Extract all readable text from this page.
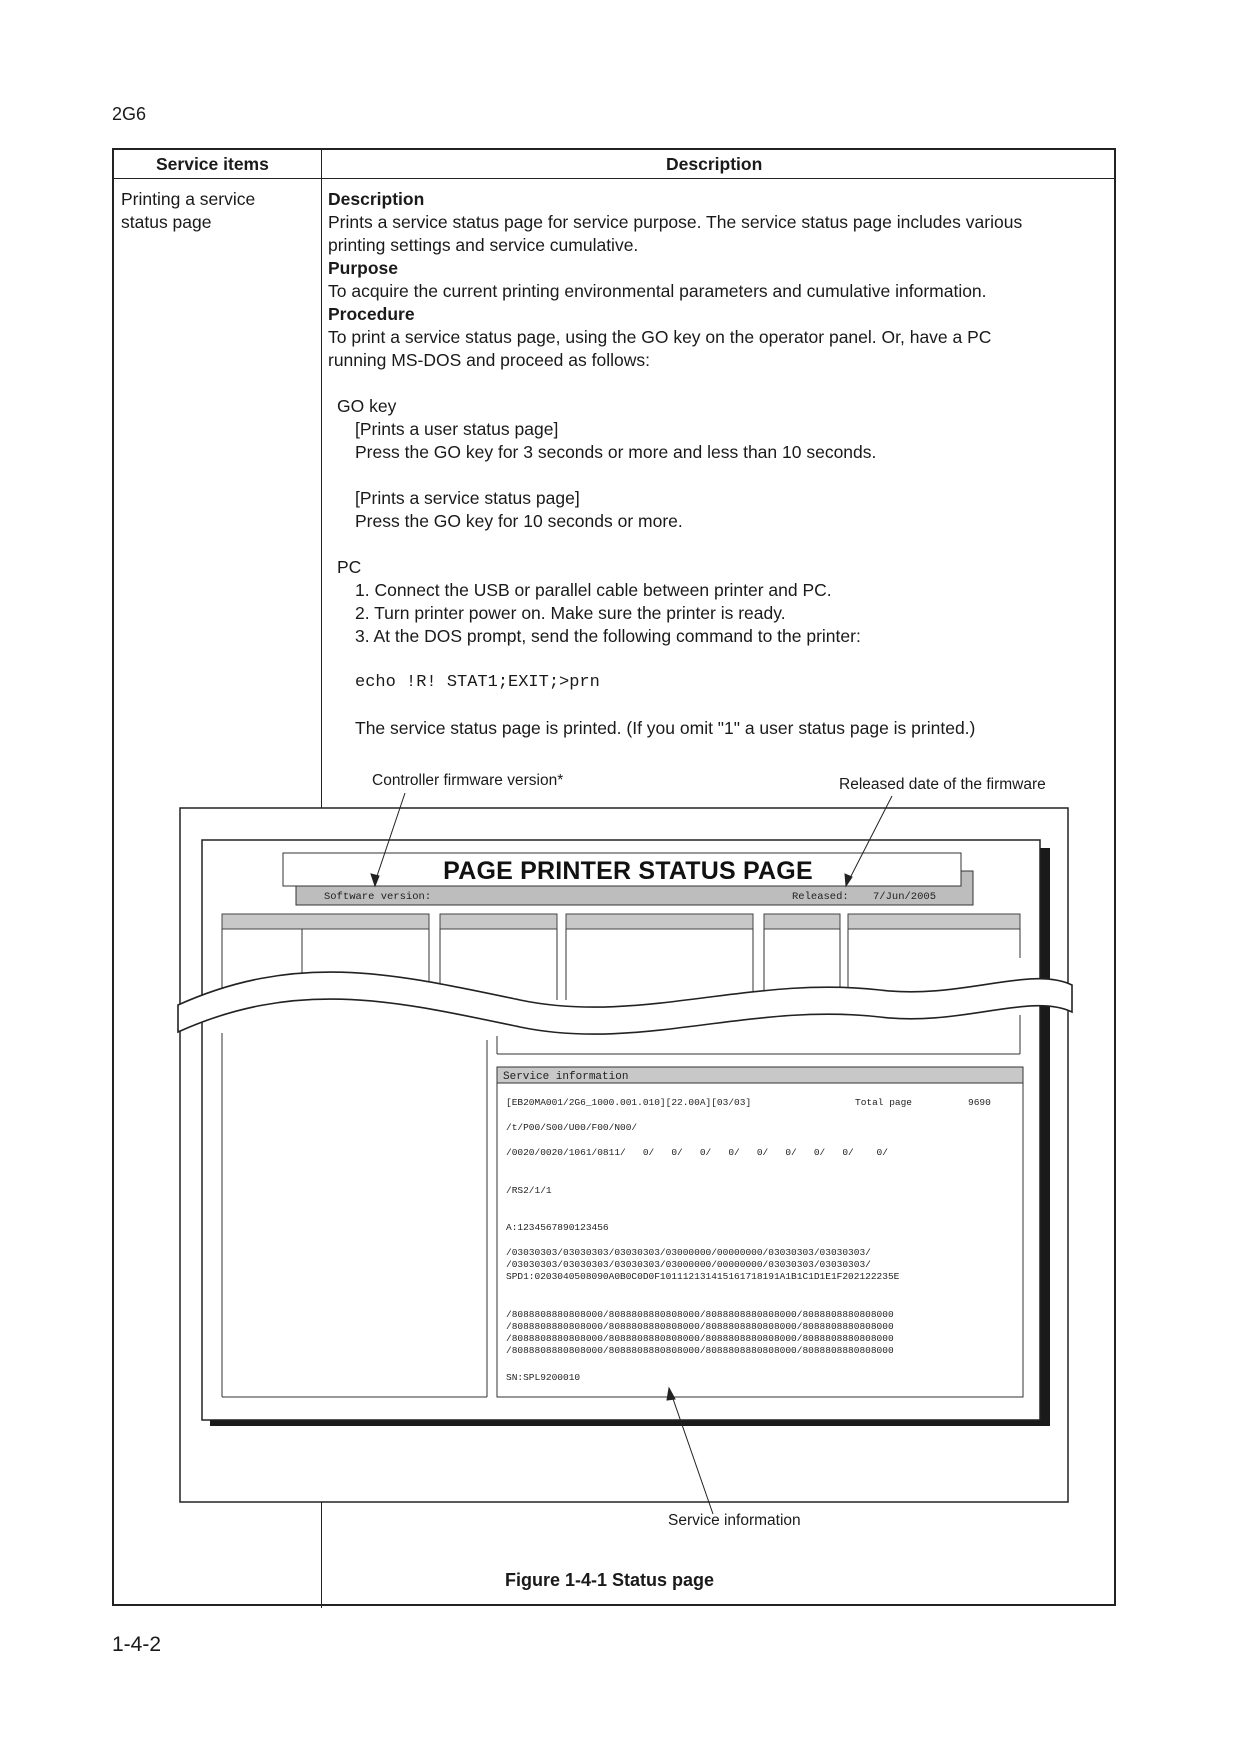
2G6
Service items	Description
Printing a service
status page

Description

Prints a service status page for service purpose. The service status page includes various

printing settings and service cumulative.

Purpose

To acquire the current printing environmental parameters and cumulative information.

Procedure

To print a service status page, using the GO key on the operator panel. Or, have a PC

running MS-DOS and proceed as follows:

GO key

[Prints a user status page]

Press the GO key for 3 seconds or more and less than 10 seconds.

[Prints a service status page]

Press the GO key for 10 seconds or more.

PC

1. Connect the USB or parallel cable between printer and PC.

2. Turn printer power on. Make sure the printer is ready.

3. At the DOS prompt, send the following command to the printer:

echo !R! STAT1;EXIT;>prn

The service status page is printed. (If you omit "1" a user status page is printed.)

Controller firmware version*	Released date of the firmware
PAGE PRINTER STATUS PAGE
Software version:	Released: 7/Jun/2005
Service information
[EB20MA001/2G6_1000.001.010][22.00A][03/03]	Total page	9690
/t/P00/S00/U00/F00/N00/
/0020/0020/1061/0811/   0/   0/   0/   0/   0/   0/   0/   0/    0/
/RS2/1/1
A:1234567890123456
/03030303/03030303/03030303/03000000/00000000/03030303/03030303/
/03030303/03030303/03030303/03000000/00000000/03030303/03030303/
SPD1:0203040508090A0B0C0D0F101112131415161718191A1B1C1D1E1F202122235E
/8088808880808000/8088808880808000/8088808880808000/8088808880808000
/8088808880808000/8088808880808000/8088808880808000/8088808880808000
/8088808880808000/8088808880808000/8088808880808000/8088808880808000
/8088808880808000/8088808880808000/8088808880808000/8088808880808000
SN:SPL9200010
Service information
Figure 1-4-1 Status page
1-4-2
